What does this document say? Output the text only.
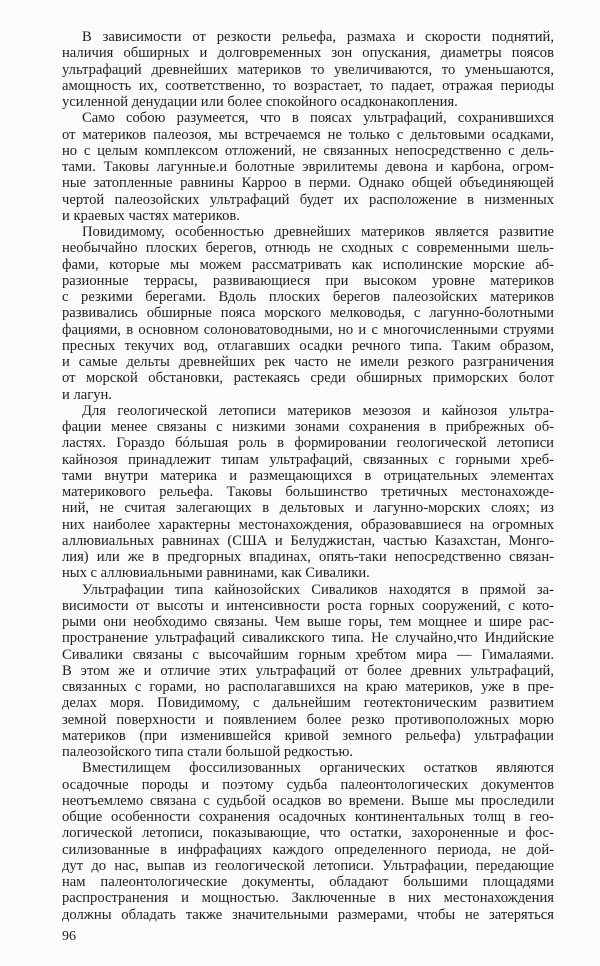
В зависимости от резкости рельефа, размаха и скорости поднятий,
наличия обширных и долговременных зон опускания, диаметры поясов
ультрафаций древнейших материков то увеличиваются, то уменьшаются,
амощность их, соответственно, то возрастает, то падает, отражая периоды
усиленной денудации или более спокойного осадконакопления.
Само собою разумеется, что в поясах ультрафаций, сохранившихся
от материков палеозоя, мы встречаемся не только с дельтовыми осадками,
но с целым комплексом отложений, не связанных непосредственно с дель-
тами. Таковы лагунные.и болотные эврилитемы девона и карбона, огром-
ные затопленные равнины Карроо в перми. Однако общей объединяющей
чертой палеозойских ультрафаций будет их расположение в низменных
и краевых частях материков.
Повидимому, особенностью древнейших материков является развитие
необычайно плоских берегов, отнюдь не сходных с современными шель-
фами, которые мы можем рассматривать как исполинские морские аб-
разионные террасы, развивающиеся при высоком уровне материков
с резкими берегами. Вдоль плоских берегов палеозойских материков
развивались обширные пояса морского мелководья, с лагунно-болотными
фациями, в основном солоноватоводными, но и с многочисленными струями
пресных текучих вод, отлагавших осадки речного типа. Таким образом,
и самые дельты древнейших рек часто не имели резкого разграничения
от морской обстановки, растекаясь среди обширных приморских болот
и лагун.
Для геологической летописи материков мезозоя и кайнозоя ультра-
фации менее связаны с низкими зонами сохранения в прибрежных об-
ластях. Гораздо бóльшая роль в формировании геологической летописи
кайнозоя принадлежит типам ультрафаций, связанных с горными хреб-
тами внутри материка и размещающихся в отрицательных элементах
материкового рельефа. Таковы большинство третичных местонахожде-
ний, не считая залегающих в дельтовых и лагунно-морских слоях; из
них наиболее характерны местонахождения, образовавшиеся на огромных
аллювиальных равнинах (США и Белуджистан, частью Казахстан, Монго-
лия) или же в предгорных впадинах, опять-таки непосредственно связан-
ных с аллювиальными равнинами, как Сивалики.
Ультрафации типа кайнозойских Сиваликов находятся в прямой за-
висимости от высоты и интенсивности роста горных сооружений, с кото-
рыми они необходимо связаны. Чем выше горы, тем мощнее и шире рас-
пространение ультрафаций сиваликского типа. Не случайно,что Индийские
Сивалики связаны с высочайшим горным хребтом мира — Гималаями.
В этом же и отличие этих ультрафаций от более древних ультрафаций,
связанных с горами, но располагавшихся на краю материков, уже в пре-
делах моря. Повидимому, с дальнейшим геотектоническим развитием
земной поверхности и появлением более резко противоположных морю
материков (при изменившейся кривой земного рельефа) ультрафации
палеозойского типа стали большой редкостью.
Вместилищем фоссилизованных органических остатков являются
осадочные породы и поэтому судьба палеонтологических документов
неотъемлемо связана с судьбой осадков во времени. Выше мы проследили
общие особенности сохранения осадочных континентальных толщ в гео-
логической летописи, показывающие, что остатки, захороненные и фос-
силизованные в инфрафациях каждого определенного периода, не дой-
дут до нас, выпав из геологической летописи. Ультрафации, передающие
нам палеонтологические документы, обладают большими площадями
распространения и мощностью. Заключенные в них местонахождения
должны обладать также значительными размерами, чтобы не затеряться
96
